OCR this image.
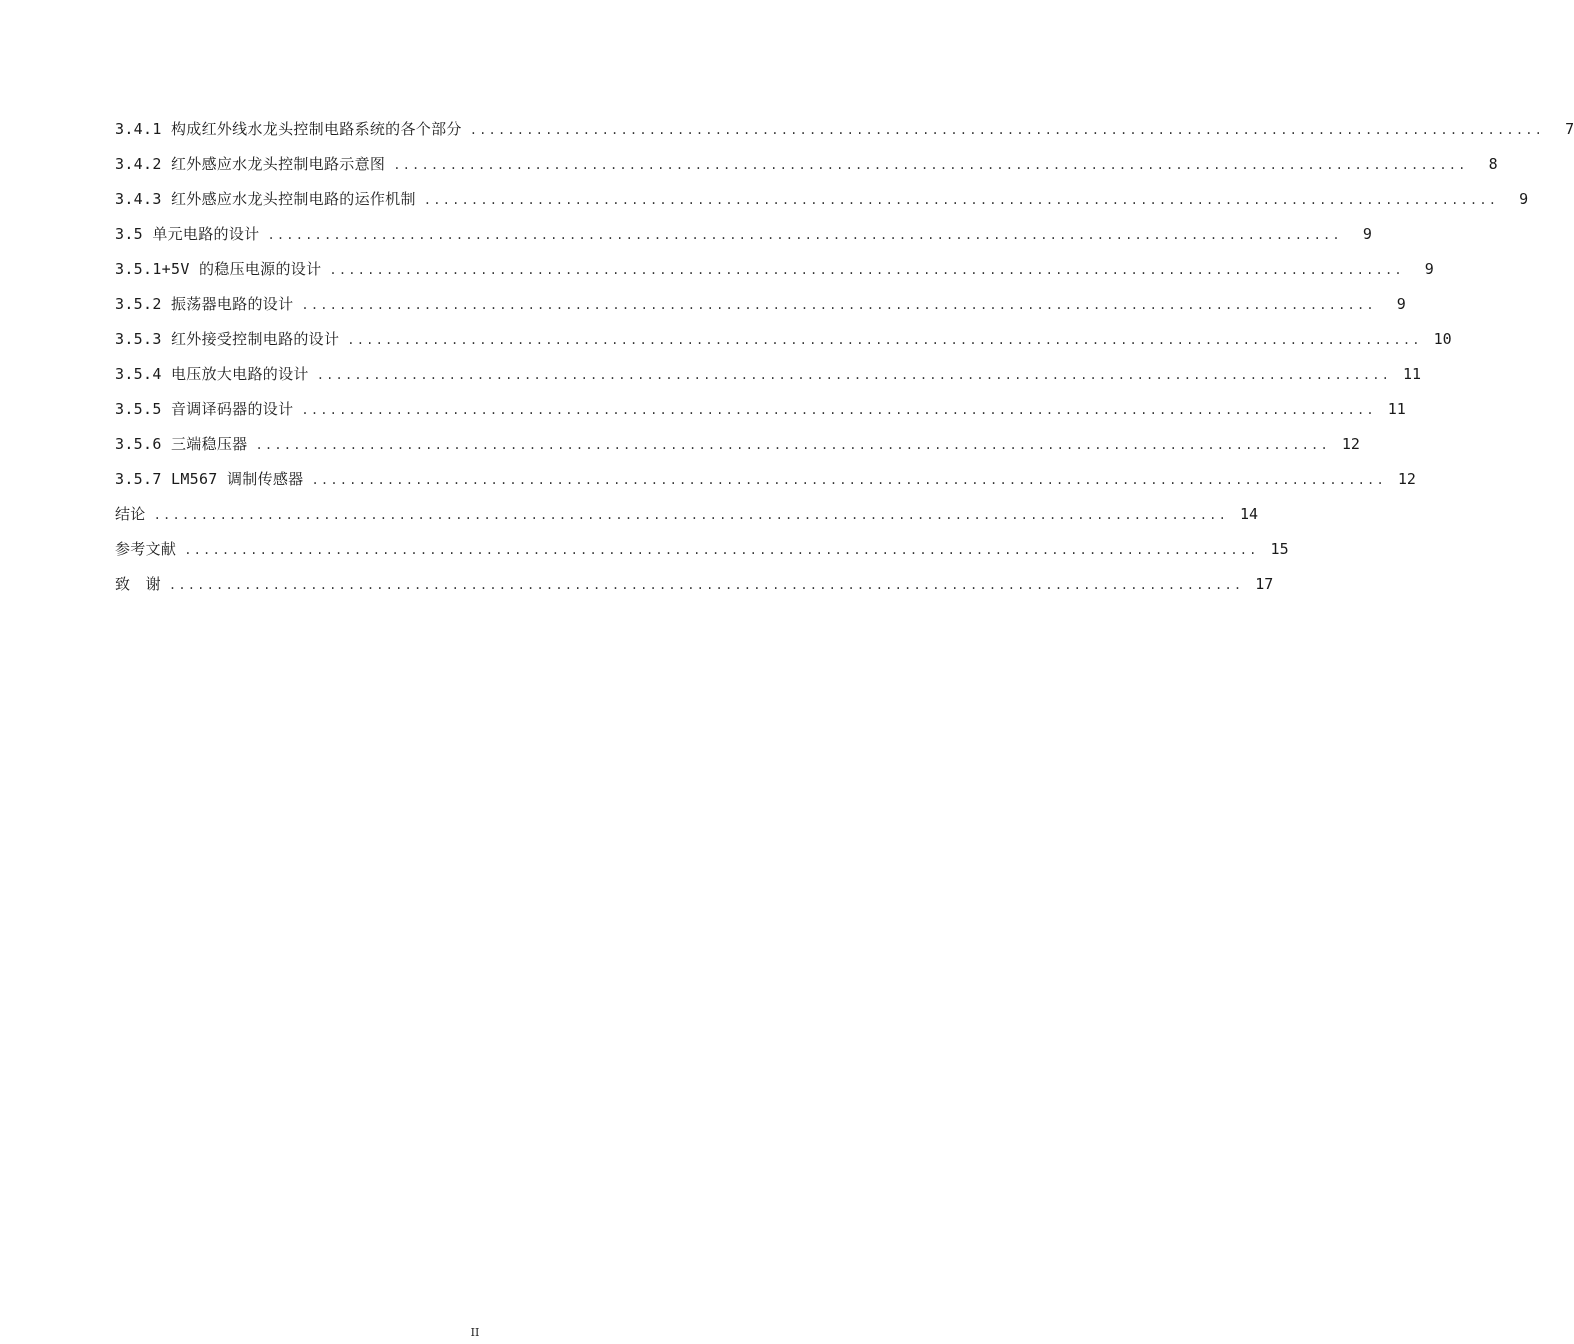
3.4.1 构成红外线水龙头控制电路系统的各个部分 ..................................................................................................................	7
3.4.2 红外感应水龙头控制电路示意图 ..................................................................................................................	8
3.4.3 红外感应水龙头控制电路的运作机制 ..................................................................................................................	9
3.5 单元电路的设计 ..................................................................................................................	9
3.5.1+5V 的稳压电源的设计 ..................................................................................................................	9
3.5.2 振荡器电路的设计 ..................................................................................................................	9
3.5.3 红外接受控制电路的设计 .................................................................................................................. 10
3.5.4 电压放大电路的设计 .................................................................................................................. 11
3.5.5 音调译码器的设计 .................................................................................................................. 11
3.5.6 三端稳压器 .................................................................................................................. 12
3.5.7 LM567 调制传感器 .................................................................................................................. 12
结论 .................................................................................................................. 14
参考文献 .................................................................................................................. 15
致　谢 .................................................................................................................. 17
II
